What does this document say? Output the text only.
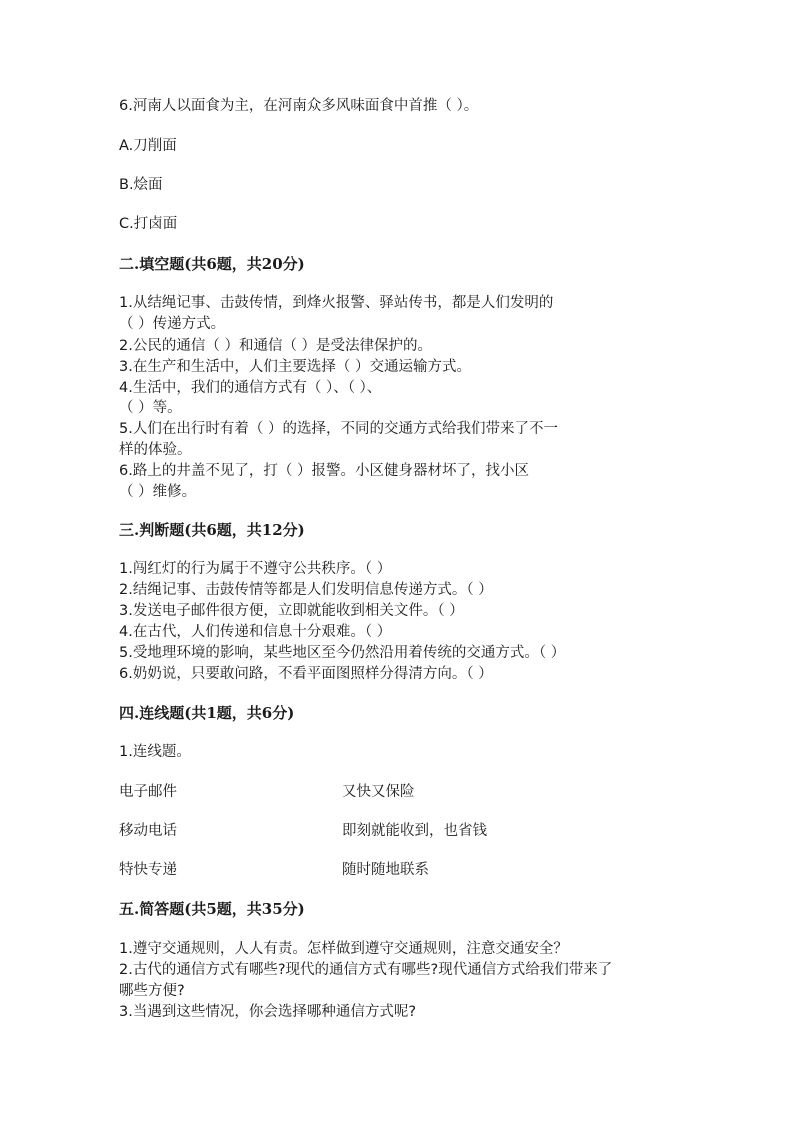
6.河南人以面食为主，在河南众多风味面食中首推（ ）。
A.刀削面
B.烩面
C.打卤面
二.填空题(共6题，共20分)
1.从结绳记事、击鼓传情，到烽火报警、驿站传书，都是人们发明的
（ ）传递方式。
2.公民的通信（ ）和通信（ ）是受法律保护的。
3.在生产和生活中，人们主要选择（ ）交通运输方式。
4.生活中，我们的通信方式有（ ）、（ ）、
（ ）等。
5.人们在出行时有着（ ）的选择，不同的交通方式给我们带来了不一
样的体验。
6.路上的井盖不见了，打（ ）报警。小区健身器材坏了，找小区
（ ）维修。
三.判断题(共6题，共12分)
1.闯红灯的行为属于不遵守公共秩序。（ ）
2.结绳记事、击鼓传情等都是人们发明信息传递方式。（ ）
3.发送电子邮件很方便，立即就能收到相关文件。（ ）
4.在古代，人们传递和信息十分艰难。（ ）
5.受地理环境的影响，某些地区至今仍然沿用着传统的交通方式。（ ）
6.奶奶说，只要敢问路，不看平面图照样分得清方向。（ ）
四.连线题(共1题，共6分)
1.连线题。
电子邮件
移动电话
特快专递
又快又保险
即刻就能收到，也省钱
随时随地联系
五.简答题(共5题，共35分)
1.遵守交通规则，人人有责。怎样做到遵守交通规则，注意交通安全？
2.古代的通信方式有哪些?现代的通信方式有哪些?现代通信方式给我们带来了
哪些方便?
3.当遇到这些情况，你会选择哪种通信方式呢?
